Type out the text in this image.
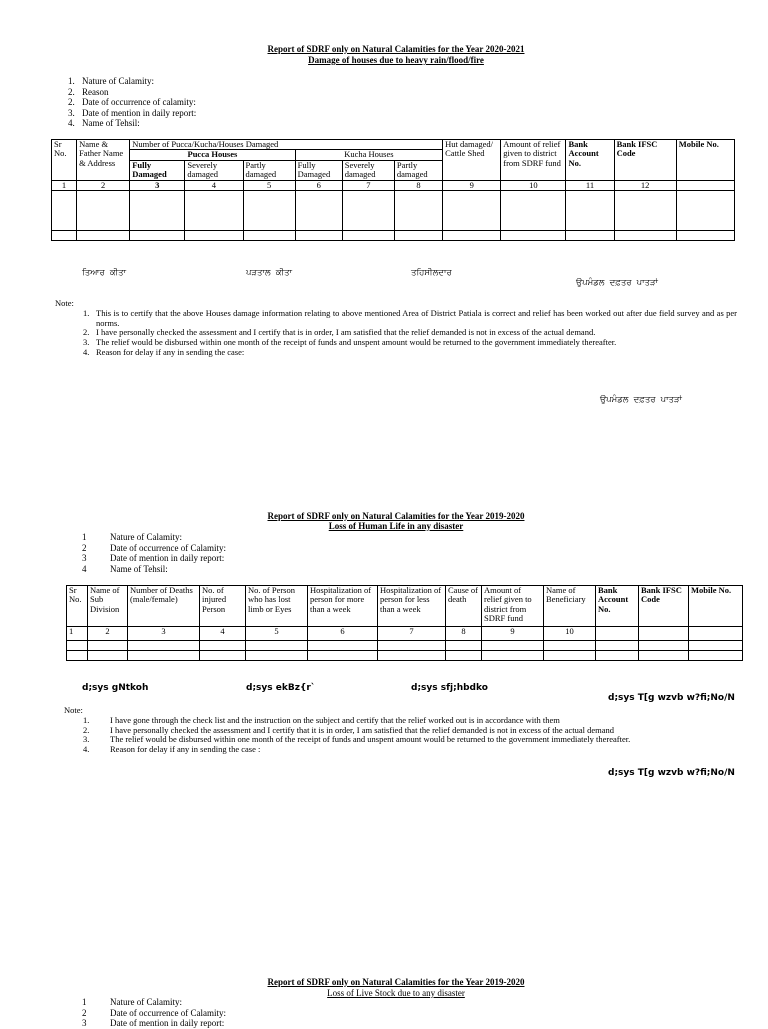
Report of SDRF only on Natural Calamities for the Year 2020-2021
Damage of houses due to heavy rain/flood/fire
1. Nature of Calamity:
2. Reason
2. Date of occurrence of calamity:
3. Date of mention in daily report:
4. Name of Tehsil:
Sr No.	Name & Father Name & Address	Number of Pucca/Kucha/Houses Damaged						Hut damaged/ Cattle Shed	Amount of relief given to district from SDRF fund	Bank Account No.	Bank IFSC Code	Mobile No.
		Pucca Houses			Kucha Houses							
		Fully Damaged	Severely damaged	Partly damaged	Fully Damaged	Severely damaged	Partly damaged					
1	2	3	4	5	6	7	8	9	10	11	12	

ਤਿਆਰ ਕੀਤਾ	ਪੜਤਾਲ ਕੀਤਾ	ਤਹਿਸੀਲਦਾਰ
ਉਪਮੰਡਲ ਦਫ਼ਤਰ ਪਾਤੜਾਂ
Note:
1. This is to certify that the above Houses damage information relating to above mentioned Area of District Patiala is correct and relief has been worked out after due field survey and as per norms.
2. I have personally checked the assessment and I certify that is in order, I am satisfied that the relief demanded is not in excess of the actual demand.
3. The relief would be disbursed within one month of the receipt of funds and unspent amount would be returned to the government immediately thereafter.
4. Reason for delay if any in sending the case:
ਉਪਮੰਡਲ ਦਫ਼ਤਰ ਪਾਤੜਾਂ
Report of SDRF only on Natural Calamities for the Year 2019-2020
Loss of Human Life in any disaster
1	Nature of Calamity:
2	Date of occurrence of Calamity:
3	Date of mention in daily report:
4	Name of Tehsil:
Sr No.	Name of Sub Division	Number of Deaths (male/female)	No. of injured Person	No. of Person who has lost limb or Eyes	Hospitalization of person for more than a week	Hospitalization of person for less than a week	Cause of death	Amount of relief given to district from SDRF fund	Name of Beneficiary	Bank Account No.	Bank IFSC Code	Mobile No.
1	2	3	4	5	6	7	8	9	10			

d;sys gNtkoh	d;sys ekBz{r`	d;sys sfj;hbdko
d;sys T[g wzvb w?fi;No/N
Note:
1. I have gone through the check list and the instruction on the subject and certify that the relief worked out is in accordance with them
2. I have personally checked the assessment and I certify that it is in order, I am satisfied that the relief demanded is not in excess of the actual demand
3. The relief would be disbursed within one month of the receipt of funds and unspent amount would be returned to the government immediately thereafter.
4. Reason for delay if any in sending the case :
d;sys T[g wzvb w?fi;No/N
Report of SDRF only on Natural Calamities for the Year 2019-2020
Loss of Live Stock due to any disaster
1	Nature of Calamity:
2	Date of occurrence of Calamity:
3	Date of mention in daily report:
